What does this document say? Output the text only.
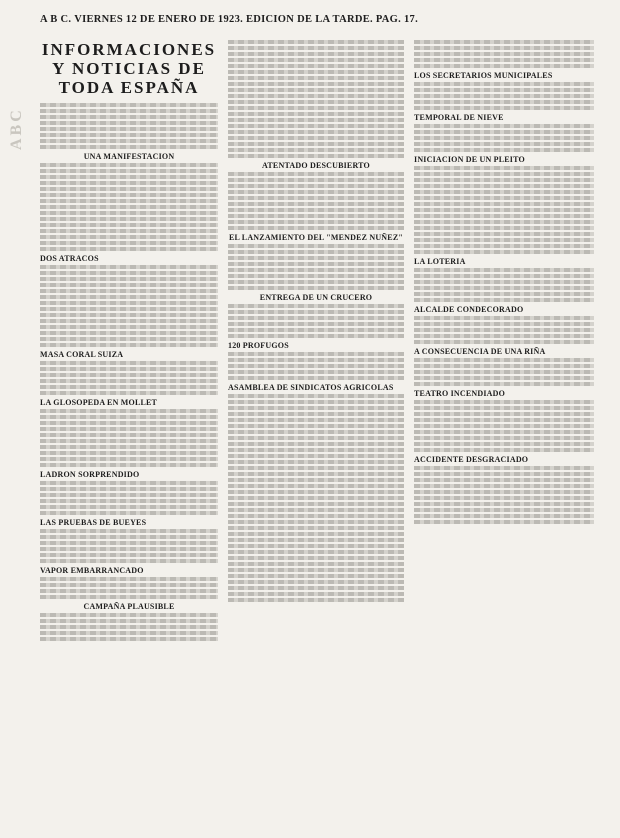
ABC
A B C. VIERNES 12 DE ENERO DE 1923. EDICION DE LA TARDE. PAG. 17.
INFORMACIONES Y NOTICIAS DE TODA ESPAÑA
UNA MANIFESTACION
DOS ATRACOS
MASA CORAL SUIZA
LA GLOSOPEDA EN MOLLET
LADRON SORPRENDIDO
LAS PRUEBAS DE BUEYES
VAPOR EMBARRANCADO
CAMPAÑA PLAUSIBLE
ATENTADO DESCUBIERTO
EL LANZAMIENTO DEL "MENDEZ NUÑEZ"
ENTREGA DE UN CRUCERO
120 PROFUGOS
ASAMBLEA DE SINDICATOS AGRICOLAS
LOS SECRETARIOS MUNICIPALES
TEMPORAL DE NIEVE
INICIACION DE UN PLEITO
LA LOTERIA
ALCALDE CONDECORADO
A CONSECUENCIA DE UNA RIÑA
TEATRO INCENDIADO
ACCIDENTE DESGRACIADO
